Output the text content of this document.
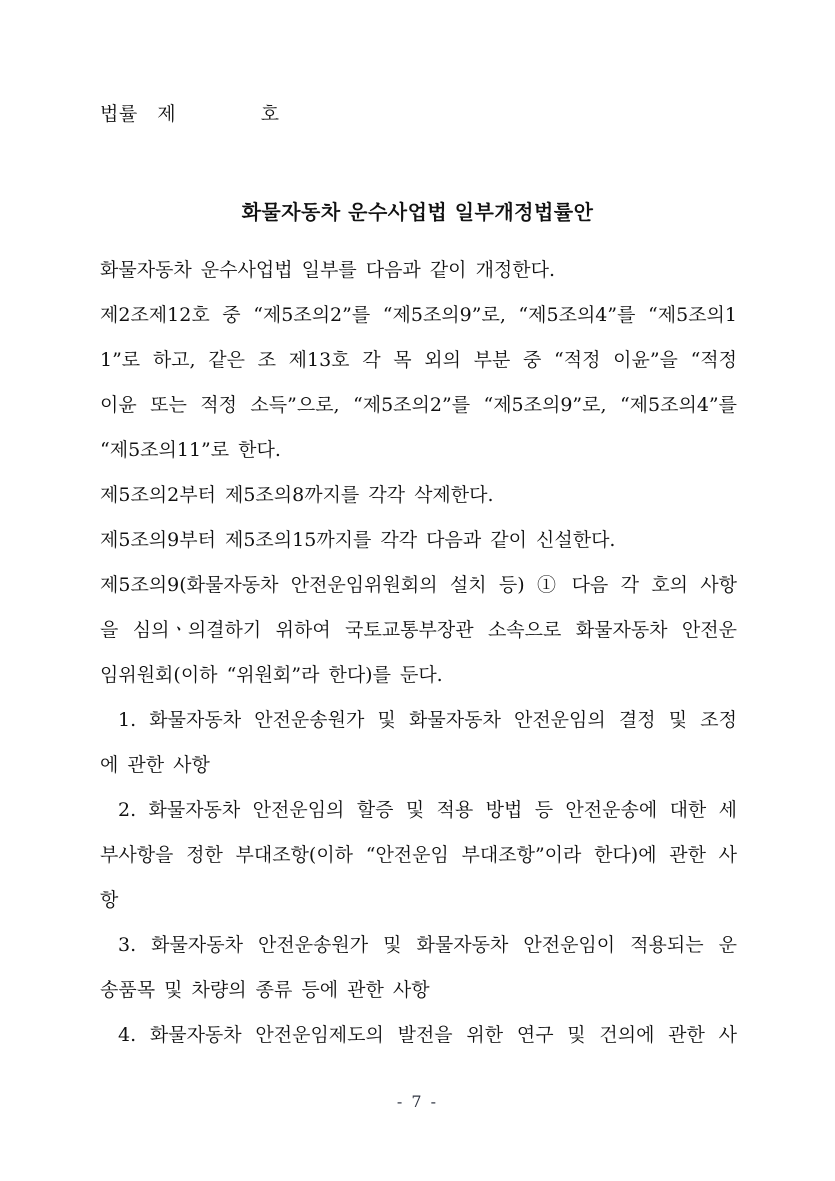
법률　제　　　　 호
화물자동차 운수사업법 일부개정법률안
화물자동차 운수사업법 일부를 다음과 같이 개정한다.
제2조제12호 중 “제5조의2”를 “제5조의9”로, “제5조의4”를 “제5조의1
1”로 하고, 같은 조 제13호 각 목 외의 부분 중 “적정 이윤”을 “적정
이윤 또는 적정 소득”으로, “제5조의2”를 “제5조의9”로, “제5조의4”를
“제5조의11”로 한다.
제5조의2부터 제5조의8까지를 각각 삭제한다.
제5조의9부터 제5조의15까지를 각각 다음과 같이 신설한다.
제5조의9(화물자동차 안전운임위원회의 설치 등) ① 다음 각 호의 사항
을 심의ㆍ의결하기 위하여 국토교통부장관 소속으로 화물자동차 안전운
임위원회(이하 “위원회”라 한다)를 둔다.
1. 화물자동차 안전운송원가 및 화물자동차 안전운임의 결정 및 조정
에 관한 사항
2. 화물자동차 안전운임의 할증 및 적용 방법 등 안전운송에 대한 세
부사항을 정한 부대조항(이하 “안전운임 부대조항”이라 한다)에 관한 사
항
3. 화물자동차 안전운송원가 및 화물자동차 안전운임이 적용되는 운
송품목 및 차량의 종류 등에 관한 사항
4. 화물자동차 안전운임제도의 발전을 위한 연구 및 건의에 관한 사
- 7 -
